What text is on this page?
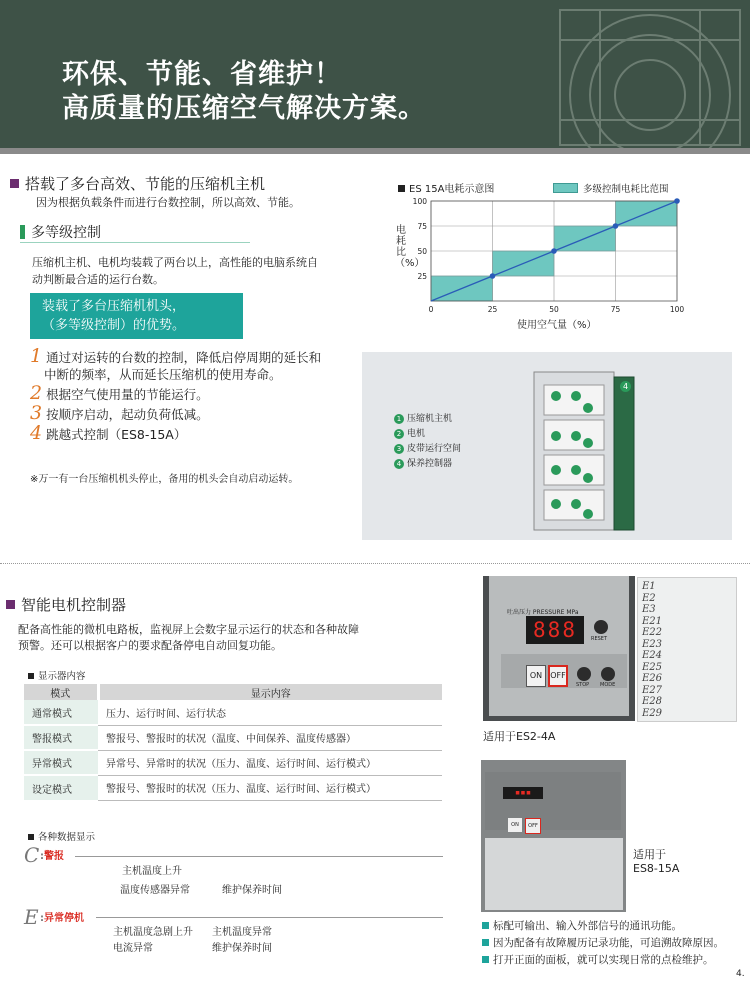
环保、节能、省维护！
高质量的压缩空气解决方案。
搭载了多台高效、节能的压缩机主机
因为根据负载条件而进行台数控制，所以高效、节能。
多等级控制
压缩机主机、电机均装载了两台以上，高性能的电脑系统自
动判断最合适的运行台数。
装载了多台压缩机机头，
（多等级控制）的优势。
1 通过对运转的台数的控制，降低启停周期的延长和
中断的频率，从而延长压缩机的使用寿命。
2 根据空气使用量的节能运行。
3 按顺序启动，起动负荷低减。
4 跳越式控制（ES8-15A）
※万一有一台压缩机机头停止，备用的机头会自动启动运转。
ES 15A电耗示意图	多级控制电耗比范围
电耗比（%）
使用空气量（%）
0	25	50	75	100
25
50
75
100
4
1 压缩机主机
2 电机
3 皮带运行空间
4 保养控制器
智能电机控制器
配备高性能的微机电路板，监视屏上会数字显示运行的状态和各种故障
预警。还可以根据客户的要求配备停电自动回复功能。
显示器内容
模式	显示内容
通常模式	压力、运行时间、运行状态
警报模式	警报号、警报时的状况（温度、中间保养、温度传感器）
异常模式	异常号、异常时的状况（压力、温度、运行时间、运行模式）
设定模式	警报号、警报时的状况（压力、温度、运行时间、运行模式）
各种数据显示
C :警报
主机温度上升
温度传感器异常	维护保养时间
E :异常停机
主机温度急剧上升 主机温度异常
电流异常	维护保养时间
吐出压力 PRESSURE MPa
888	RESET
ON	OFF
STOP MODE
适用于ES2-4A
E1
E2
E3
E21
E22
E23
E24
E25
E26
E27
E28
E29
▪▪▪
ON	OFF
适用于
ES8-15A
标配可输出、输入外部信号的通讯功能。
因为配备有故障履历记录功能，可追溯故障原因。
打开正面的面板，就可以实现日常的点检维护。
4.
